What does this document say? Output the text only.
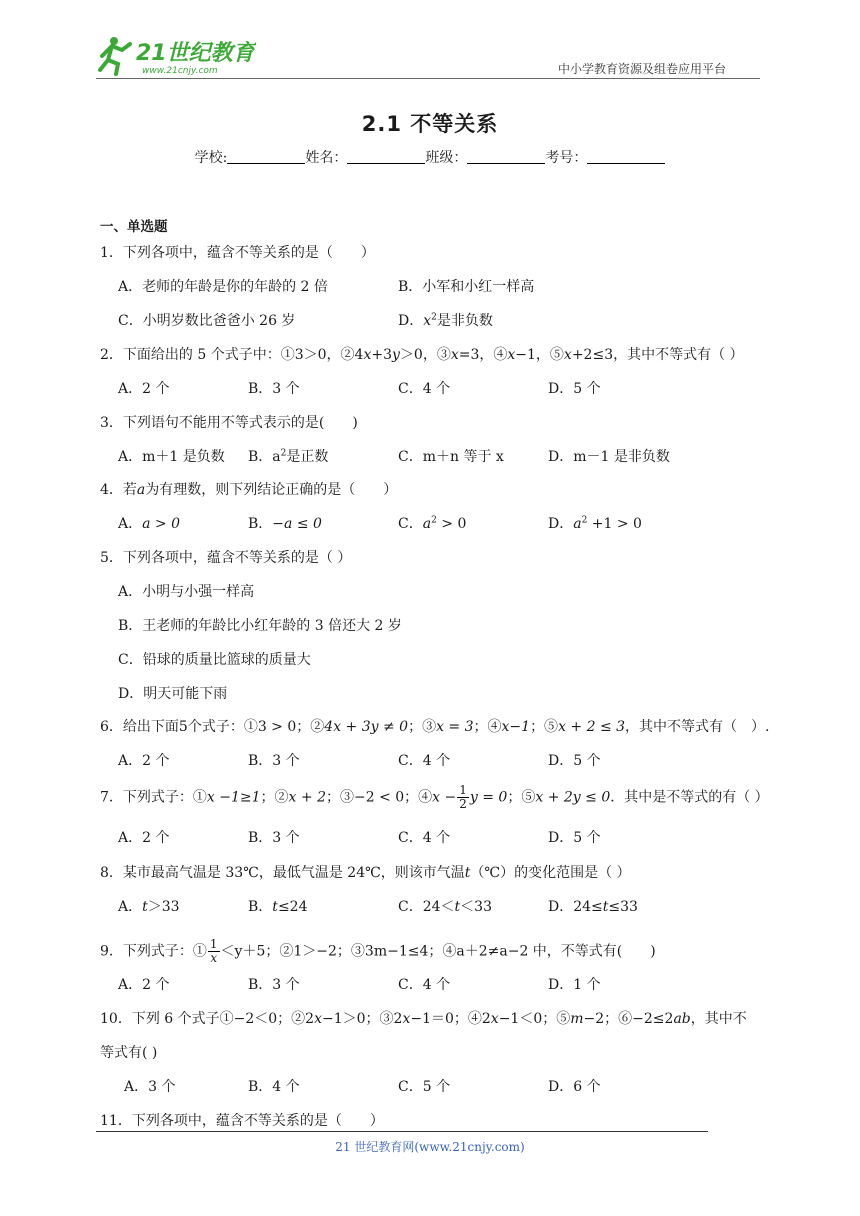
21世纪教育
www.21cnjy.com	中小学教育资源及组卷应用平台
2.1 不等关系
学校:	姓名：	班级：	考号：
一、单选题
1．下列各项中，蕴含不等关系的是（　　）
A．老师的年龄是你的年龄的 2 倍	B．小军和小红一样高
C．小明岁数比爸爸小 26 岁	D．$x^2$是非负数
2．下面给出的 5 个式子中：①3＞0，②4x+3y＞0，③x=3，④x−1，⑤x+2≤3，其中不等式有（ ）
A．2 个	B．3 个	C．4 个	D．5 个
3．下列语句不能用不等式表示的是(　　)
A．m＋1 是负数 B．$a^2$是正数	C．m＋n 等于 x	D．m－1 是非负数
4．若a为有理数，则下列结论正确的是（　　）
A．a > 0	B．−a ≤ 0	C．$a^2 > 0$	D．$a^2 +1 > 0$
5．下列各项中，蕴含不等关系的是（ ）
A．小明与小强一样高
B．王老师的年龄比小红年龄的 3 倍还大 2 岁
C．铅球的质量比篮球的质量大
D．明天可能下雨
6．给出下面5个式子：①3 > 0；②4x + 3y ≠ 0；③x = 3；④x−1；⑤x + 2 ≤ 3，其中不等式有（　）.
A．2 个	B．3 个	C．4 个	D．5 个
7．下列式子：①x −1≥1；②x + 2；③−2 < 0；④x − $\frac{1}{2}$ y = 0；⑤x + 2y ≤ 0．其中是不等式的有（ ）
A．2 个	B．3 个	C．4 个	D．5 个
8．某市最高气温是 33℃，最低气温是 24℃，则该市气温t（℃）的变化范围是（ ）
A．t＞33	B．t≤24	C．24＜t＜33	D．24≤t≤33
9．下列式子：① $\frac{1}{x} <y+5$；②1＞−2；③3m−1≤4；④a＋2≠a−2 中，不等式有(　　)
A．2 个	B．3 个	C．4 个	D．1 个
10．下列 6 个式子①−2＜0；②2x−1＞0；③2x−1＝0；④2x−1＜0；⑤m−2；⑥−2≤2ab，其中不
等式有( )
A．3 个	B．4 个	C．5 个	D．6 个
11．下列各项中，蕴含不等关系的是（　　）
21 世纪教育网(www.21cnjy.com)
